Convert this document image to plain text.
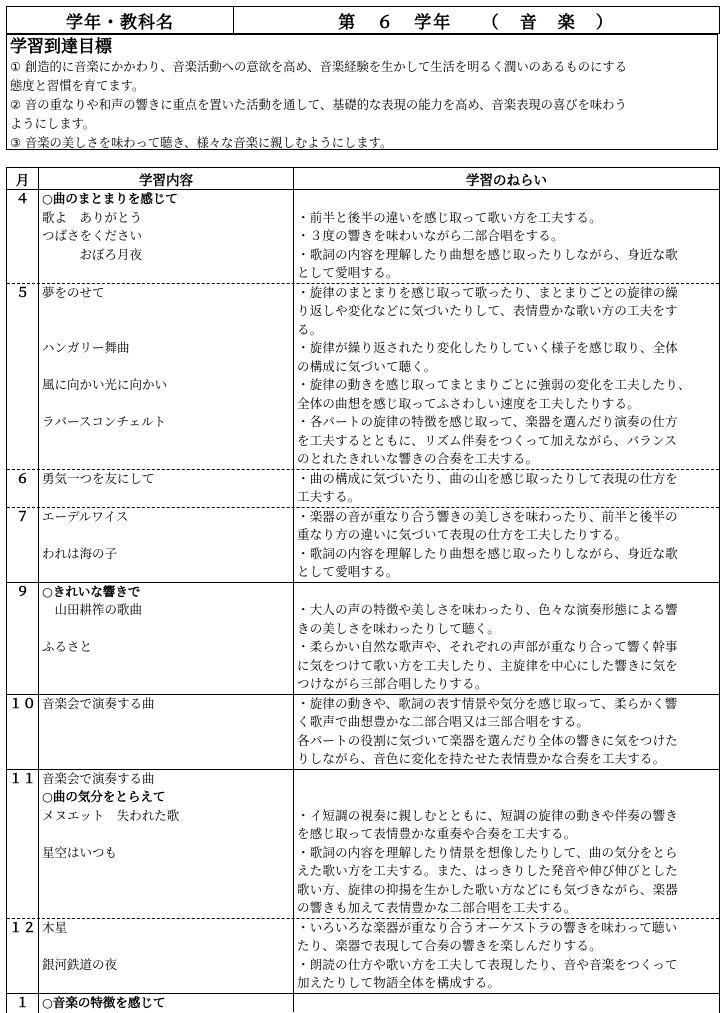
学年・教科名	第　６　学年　　（　音　楽　）
学習到達目標
① 創造的に音楽にかかわり、音楽活動への意欲を高め、音楽経験を生かして生活を明るく潤いのあるものにする
態度と習慣を育てます。
② 音の重なりや和声の響きに重点を置いた活動を通して、基礎的な表現の能力を高め、音楽表現の喜びを味わう
ようにします。
③ 音楽の美しさを味わって聴き、様々な音楽に親しむようにします。
月	学習内容	学習のねらい
４	○曲のまとまりを感じて
歌よ　ありがとう	・前半と後半の違いを感じ取って歌い方を工夫する。
つばさをください	・３度の響きを味わいながら二部合唱をする。
　　　おぼろ月夜	・歌詞の内容を理解したり曲想を感じ取ったりしながら、身近な歌
として愛唱する。
５	夢をのせて	・旋律のまとまりを感じ取って歌ったり、まとまりごとの旋律の繰
り返しや変化などに気づいたりして、表情豊かな歌い方の工夫をす
る。
ハンガリー舞曲	・旋律が繰り返されたり変化したりしていく様子を感じ取り、全体
の構成に気づいて聴く。
風に向かい光に向かい	・旋律の動きを感じ取ってまとまりごとに強弱の変化を工夫したり、
全体の曲想を感じ取ってふさわしい速度を工夫したりする。
ラバースコンチェルト	・各パートの旋律の特徴を感じ取って、楽器を選んだり演奏の仕方
を工夫するとともに、リズム伴奏をつくって加えながら、バランス
のとれたきれいな響きの合奏を工夫する。
６	勇気一つを友にして	・曲の構成に気づいたり、曲の山を感じ取ったりして表現の仕方を
工夫する。
７	エーデルワイス	・楽器の音が重なり合う響きの美しさを味わったり、前半と後半の
重なり方の違いに気づいて表現の仕方を工夫したりする。
われは海の子	・歌詞の内容を理解したり曲想を感じ取ったりしながら、身近な歌
として愛唱する。
９	○きれいな響きで
　山田耕筰の歌曲	・大人の声の特徴や美しさを味わったり、色々な演奏形態による響
きの美しさを味わったりして聴く。
ふるさと	・柔らかい自然な歌声や、それぞれの声部が重なり合って響く幹事
に気をつけて歌い方を工夫したり、主旋律を中心にした響きに気を
つけながら三部合唱したりする。
１０ 音楽会で演奏する曲	・旋律の動きや、歌詞の表す情景や気分を感じ取って、柔らかく響
く歌声で曲想豊かな二部合唱又は三部合唱をする。
各パートの役割に気づいて楽器を選んだり全体の響きに気をつけた
りしながら、音色に変化を持たせた表情豊かな合奏を工夫する。
１１ 音楽会で演奏する曲
○曲の気分をとらえて
メヌエット　失われた歌	・イ短調の視奏に親しむとともに、短調の旋律の動きや伴奏の響き
を感じ取って表情豊かな重奏や合奏を工夫する。
星空はいつも	・歌詞の内容を理解したり情景を想像したりして、曲の気分をとら
えた歌い方を工夫する。また、はっきりした発音や伸び伸びとした
歌い方、旋律の抑揚を生かした歌い方などにも気づきながら、楽器
の響きも加えて表情豊かな二部合唱を工夫する。
１２ 木星	・いろいろな楽器が重なり合うオーケストラの響きを味わって聴い
たり、楽器で表現して合奏の響きを楽しんだりする。
銀河鉄道の夜	・朗読の仕方や歌い方を工夫して表現したり、音や音楽をつくって
加えたりして物語全体を構成する。
１	○音楽の特徴を感じて
